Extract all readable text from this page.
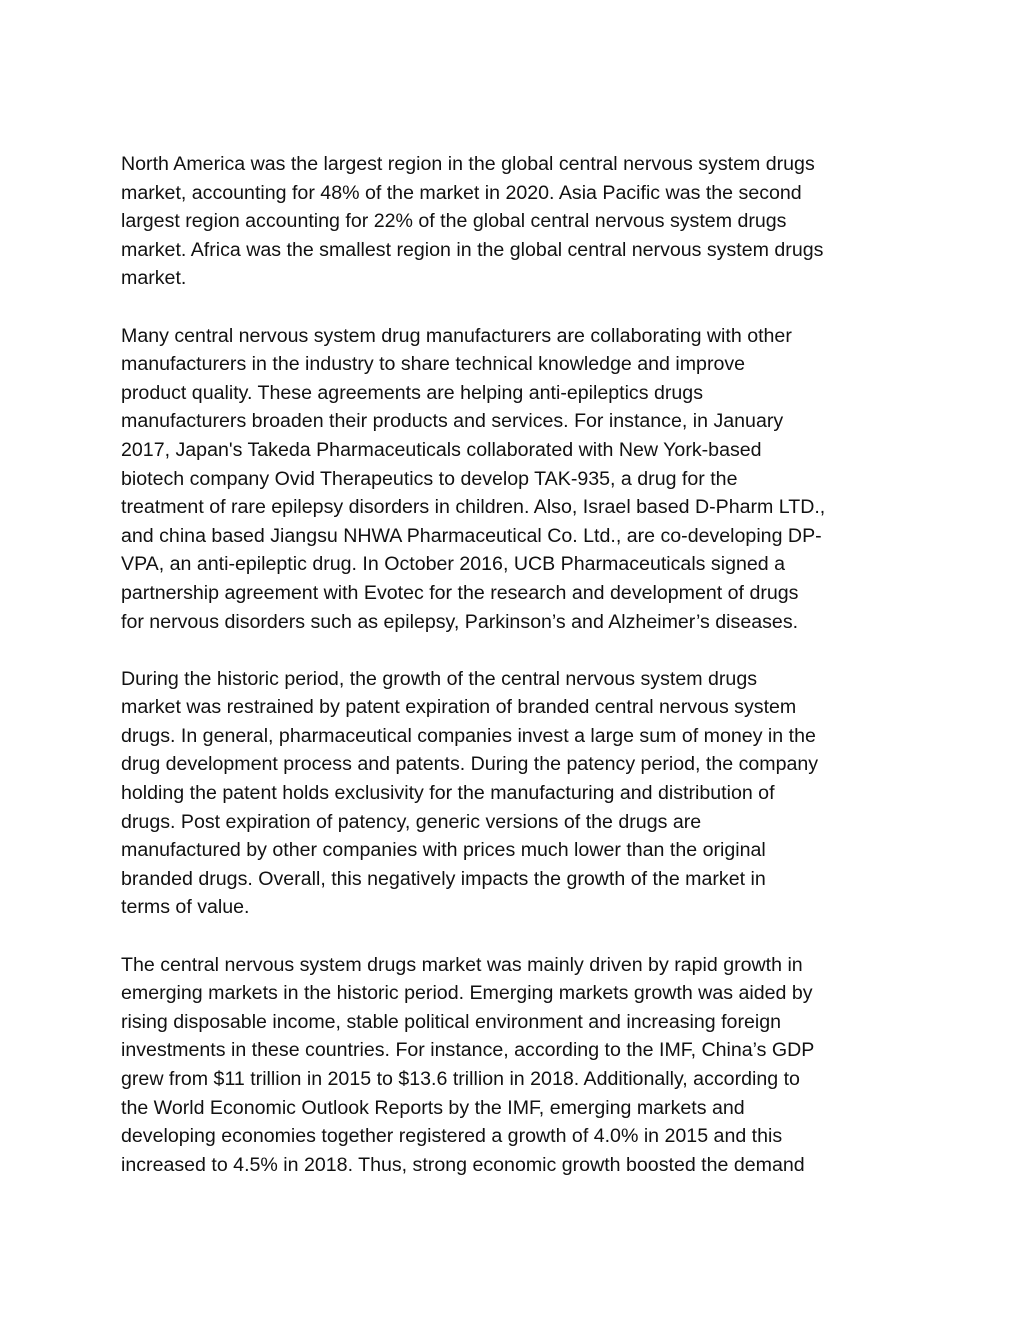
North America was the largest region in the global central nervous system drugs
market, accounting for 48% of the market in 2020. Asia Pacific was the second
largest region accounting for 22% of the global central nervous system drugs
market. Africa was the smallest region in the global central nervous system drugs
market.

Many central nervous system drug manufacturers are collaborating with other
manufacturers in the industry to share technical knowledge and improve
product quality. These agreements are helping anti-epileptics drugs
manufacturers broaden their products and services. For instance, in January
2017, Japan's Takeda Pharmaceuticals collaborated with New York-based
biotech company Ovid Therapeutics to develop TAK-935, a drug for the
treatment of rare epilepsy disorders in children. Also, Israel based D-Pharm LTD.,
and china based Jiangsu NHWA Pharmaceutical Co. Ltd., are co-developing DP-
VPA, an anti-epileptic drug. In October 2016, UCB Pharmaceuticals signed a
partnership agreement with Evotec for the research and development of drugs
for nervous disorders such as epilepsy, Parkinson’s and Alzheimer’s diseases.

During the historic period, the growth of the central nervous system drugs
market was restrained by patent expiration of branded central nervous system
drugs. In general, pharmaceutical companies invest a large sum of money in the
drug development process and patents. During the patency period, the company
holding the patent holds exclusivity for the manufacturing and distribution of
drugs. Post expiration of patency, generic versions of the drugs are
manufactured by other companies with prices much lower than the original
branded drugs. Overall, this negatively impacts the growth of the market in
terms of value.

The central nervous system drugs market was mainly driven by rapid growth in
emerging markets in the historic period. Emerging markets growth was aided by
rising disposable income, stable political environment and increasing foreign
investments in these countries. For instance, according to the IMF, China’s GDP
grew from $11 trillion in 2015 to $13.6 trillion in 2018. Additionally, according to
the World Economic Outlook Reports by the IMF, emerging markets and
developing economies together registered a growth of 4.0% in 2015 and this
increased to 4.5% in 2018. Thus, strong economic growth boosted the demand
